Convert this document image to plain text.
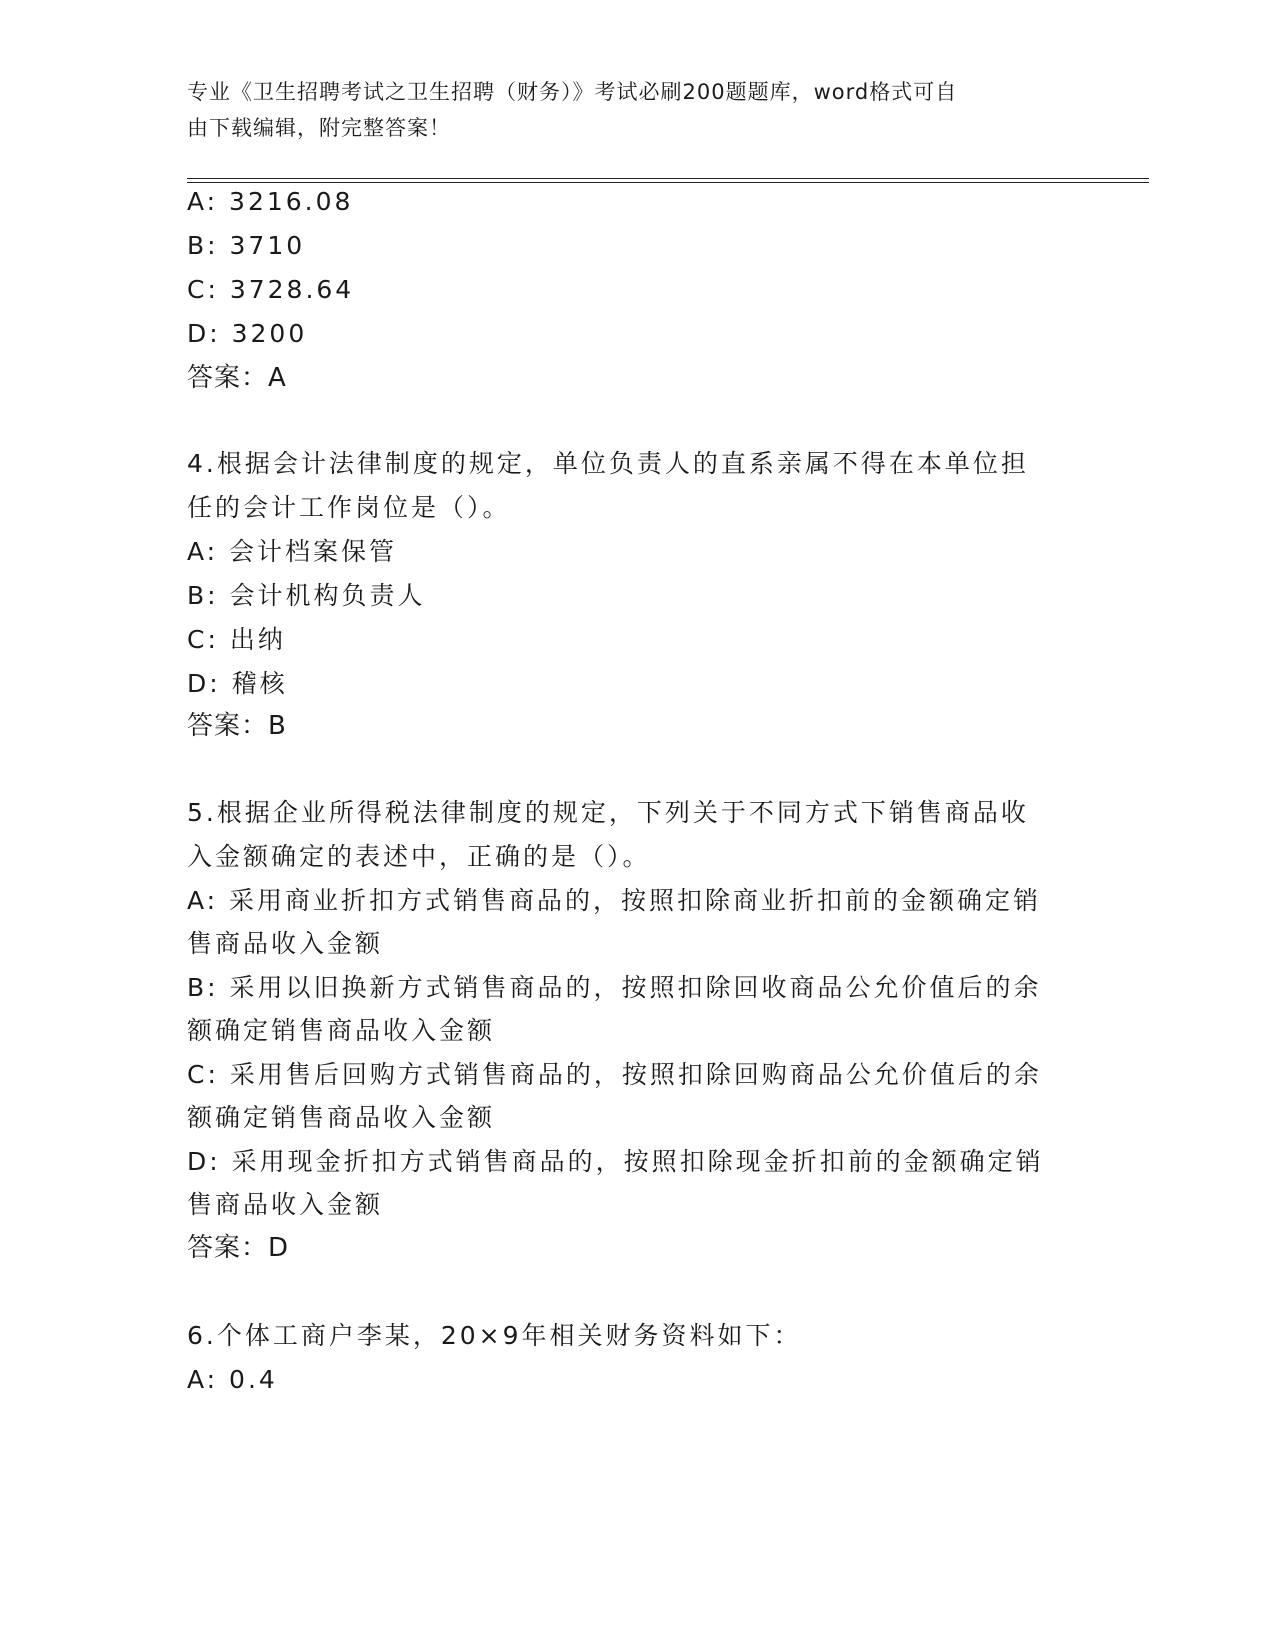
专业《卫生招聘考试之卫生招聘（财务）》考试必刷200题题库，word格式可自
由下载编辑，附完整答案！
A: 3216.08
B: 3710
C: 3728.64
D: 3200
答案：A
4.根据会计法律制度的规定，单位负责人的直系亲属不得在本单位担
任的会计工作岗位是（）。
A: 会计档案保管
B: 会计机构负责人
C: 出纳
D: 稽核
答案：B
5.根据企业所得税法律制度的规定，下列关于不同方式下销售商品收
入金额确定的表述中，正确的是（）。
A: 采用商业折扣方式销售商品的，按照扣除商业折扣前的金额确定销
售商品收入金额
B: 采用以旧换新方式销售商品的，按照扣除回收商品公允价值后的余
额确定销售商品收入金额
C: 采用售后回购方式销售商品的，按照扣除回购商品公允价值后的余
额确定销售商品收入金额
D: 采用现金折扣方式销售商品的，按照扣除现金折扣前的金额确定销
售商品收入金额
答案：D
6.个体工商户李某，20×9年相关财务资料如下：
A: 0.4
